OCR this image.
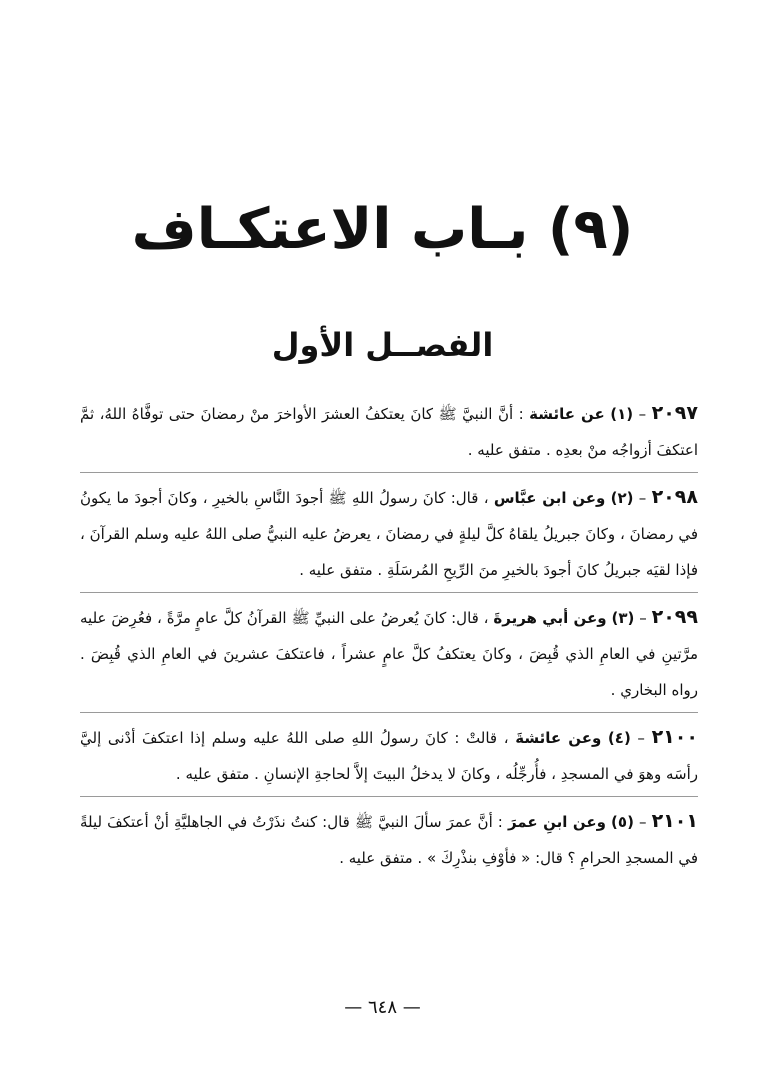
(٩) بـاب الاعتكـاف
الفصــل الأول

٢٠٩٧ – (١) عن عائشة : أنَّ النبيَّ ﷺ كانَ يعتكفُ العشرَ الأواخرَ منْ رمضانَ حتى توفَّاهُ اللهُ، ثمَّ اعتكفَ أزواجُه منْ بعدِه . متفق عليه .

٢٠٩٨ – (٢) وعن ابن عبَّاس ، قال: كانَ رسولُ اللهِ ﷺ أجودَ النَّاسِ بالخيرِ ، وكانَ أجودَ ما يكونُ في رمضانَ ، وكانَ جبريلُ يلقاهُ كلَّ ليلةٍ في رمضانَ ، يعرضُ عليه النبيُّ صلى اللهُ عليه وسلم القرآنَ ، فإذا لقيَه جبريلُ كانَ أجودَ بالخيرِ منَ الرِّيحِ المُرسَلَةِ . متفق عليه .

٢٠٩٩ – (٣) وعن أبي هريرةَ ، قال: كانَ يُعرضُ على النبيِّ ﷺ القرآنُ كلَّ عامٍ مرَّةً ، فعُرِضَ عليه مرَّتينِ في العامِ الذي قُبِضَ ، وكانَ يعتكفُ كلَّ عامٍ عشراً ، فاعتكفَ عشرينَ في العامِ الذي قُبِضَ . رواه البخاري .

٢١٠٠ – (٤) وعن عائشةَ ، قالتْ : كانَ رسولُ اللهِ صلى اللهُ عليه وسلم إذا اعتكفَ أدْنى إليَّ رأسَه وهوَ في المسجدِ ، فأُرجِّلُه ، وكانَ لا يدخلُ البيتَ إلاَّ لحاجةِ الإنسانِ . متفق عليه .

٢١٠١ – (٥) وعن ابنِ عمرَ : أنَّ عمرَ سألَ النبيَّ ﷺ قال: كنتُ نذَرْتُ في الجاهليَّةِ أنْ أعتكفَ ليلةً في المسجدِ الحرامِ ؟ قال: « فأوْفِ بنذْرِكَ » . متفق عليه .

— ٦٤٨ —
